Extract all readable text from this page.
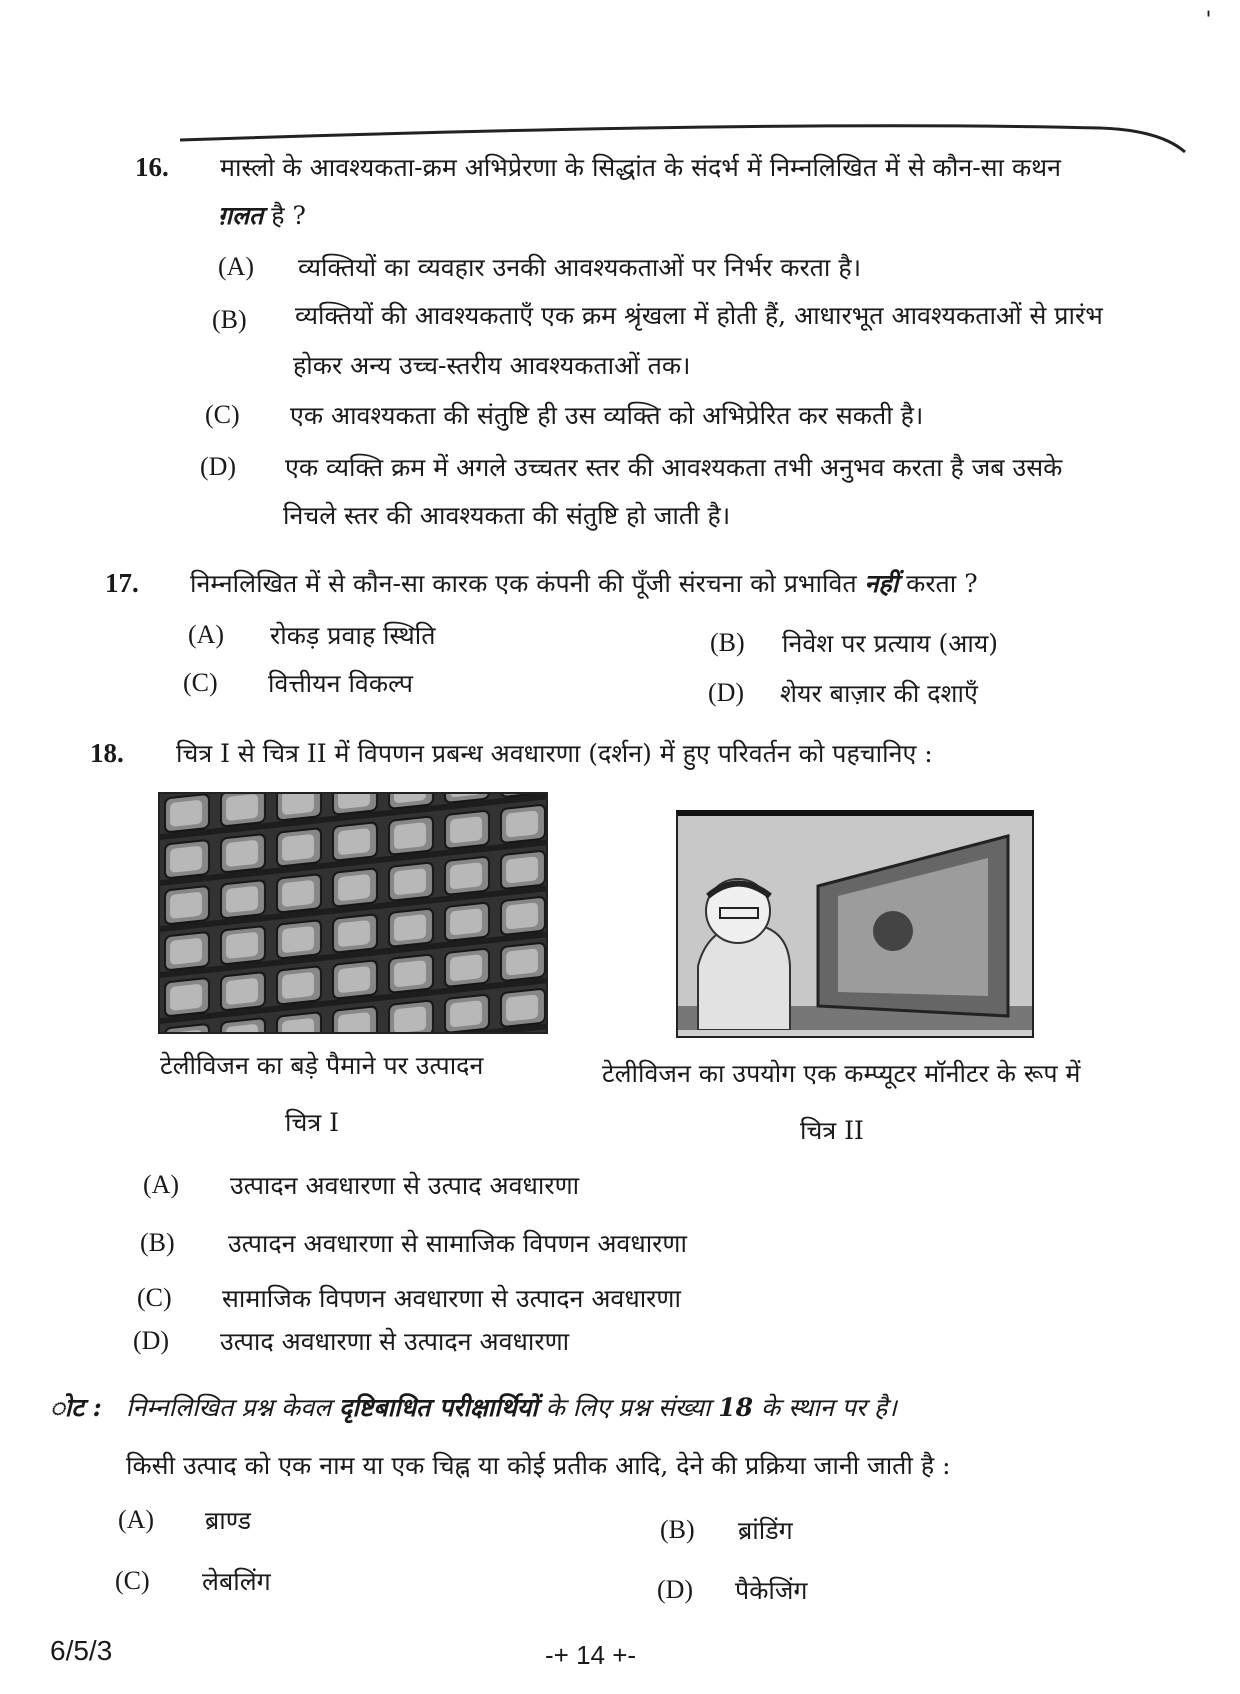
ˈ
16. मास्लो के आवश्यकता-क्रम अभिप्रेरणा के सिद्धांत के संदर्भ में निम्नलिखित में से कौन-सा कथन
ग़लत है ?
(A) व्यक्तियों का व्यवहार उनकी आवश्यकताओं पर निर्भर करता है।
(B) व्यक्तियों की आवश्यकताएँ एक क्रम श्रृंखला में होती हैं, आधारभूत आवश्यकताओं से प्रारंभ
होकर अन्य उच्च-स्तरीय आवश्यकताओं तक।
(C) एक आवश्यकता की संतुष्टि ही उस व्यक्ति को अभिप्रेरित कर सकती है।
(D) एक व्यक्ति क्रम में अगले उच्चतर स्तर की आवश्यकता तभी अनुभव करता है जब उसके
निचले स्तर की आवश्यकता की संतुष्टि हो जाती है।
17. निम्नलिखित में से कौन-सा कारक एक कंपनी की पूँजी संरचना को प्रभावित नहीं करता ?
(A) रोकड़ प्रवाह स्थिति	(B) निवेश पर प्रत्याय (आय)
(C) वित्तीयन विकल्प	(D) शेयर बाज़ार की दशाएँ
18. चित्र I से चित्र II में विपणन प्रबन्ध अवधारणा (दर्शन) में हुए परिवर्तन को पहचानिए :
टेलीविजन का बड़े पैमाने पर उत्पादन
चित्र I
टेलीविजन का उपयोग एक कम्प्यूटर मॉनीटर के रूप में
चित्र II
(A) उत्पादन अवधारणा से उत्पाद अवधारणा
(B) उत्पादन अवधारणा से सामाजिक विपणन अवधारणा
(C) सामाजिक विपणन अवधारणा से उत्पादन अवधारणा
(D) उत्पाद अवधारणा से उत्पादन अवधारणा
ोट : निम्नलिखित प्रश्न केवल दृष्टिबाधित परीक्षार्थियों के लिए प्रश्न संख्या 18 के स्थान पर है।
किसी उत्पाद को एक नाम या एक चिह्न या कोई प्रतीक आदि, देने की प्रक्रिया जानी जाती है :
(A) ब्राण्ड	(B) ब्रांडिंग
(C) लेबलिंग	(D) पैकेजिंग
6/5/3	-+ 14 +-
